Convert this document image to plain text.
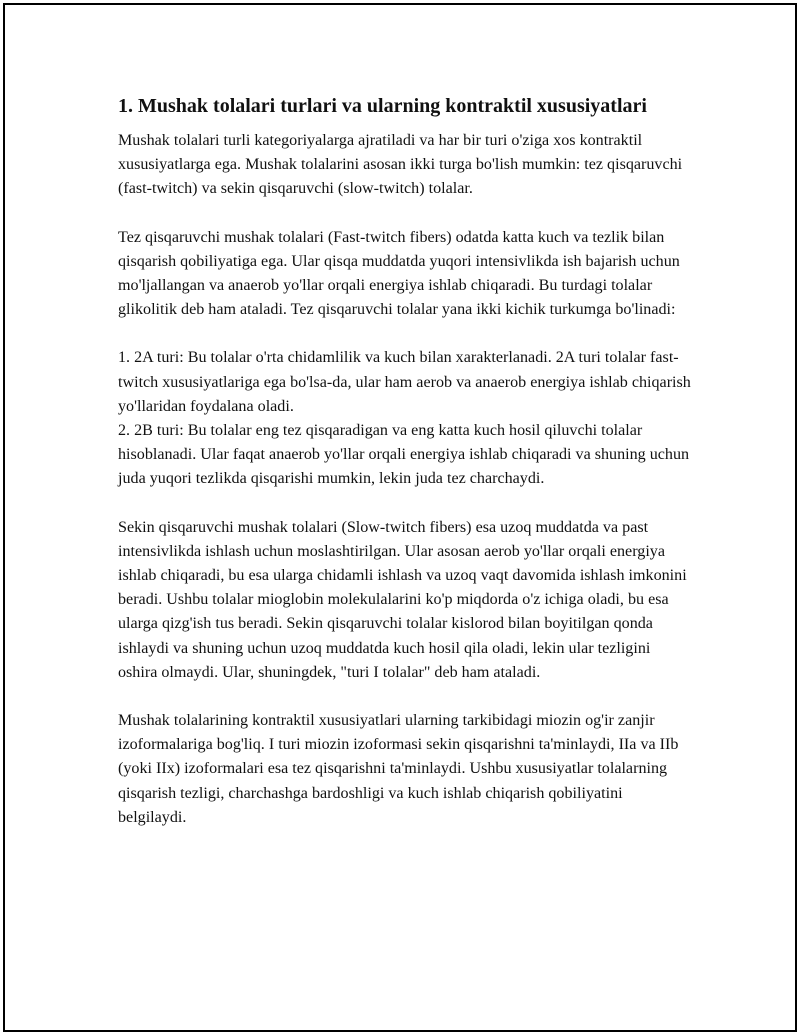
1. Mushak tolalari turlari va ularning kontraktil xususiyatlari

Mushak tolalari turli kategoriyalarga ajratiladi va har bir turi o'ziga xos kontraktil xususiyatlarga ega. Mushak tolalarini asosan ikki turga bo'lish mumkin: tez qisqaruvchi (fast-twitch) va sekin qisqaruvchi (slow-twitch) tolalar.

Tez qisqaruvchi mushak tolalari (Fast-twitch fibers) odatda katta kuch va tezlik bilan qisqarish qobiliyatiga ega. Ular qisqa muddatda yuqori intensivlikda ish bajarish uchun mo'ljallangan va anaerob yo'llar orqali energiya ishlab chiqaradi. Bu turdagi tolalar glikolitik deb ham ataladi. Tez qisqaruvchi tolalar yana ikki kichik turkumga bo'linadi:

1. 2A turi: Bu tolalar o'rta chidamlilik va kuch bilan xarakterlanadi. 2A turi tolalar fast-twitch xususiyatlariga ega bo'lsa-da, ular ham aerob va anaerob energiya ishlab chiqarish yo'llaridan foydalana oladi.
2. 2B turi: Bu tolalar eng tez qisqaradigan va eng katta kuch hosil qiluvchi tolalar hisoblanadi. Ular faqat anaerob yo'llar orqali energiya ishlab chiqaradi va shuning uchun juda yuqori tezlikda qisqarishi mumkin, lekin juda tez charchaydi.

Sekin qisqaruvchi mushak tolalari (Slow-twitch fibers) esa uzoq muddatda va past intensivlikda ishlash uchun moslashtirilgan. Ular asosan aerob yo'llar orqali energiya ishlab chiqaradi, bu esa ularga chidamli ishlash va uzoq vaqt davomida ishlash imkonini beradi. Ushbu tolalar mioglobin molekulalarini ko'p miqdorda o'z ichiga oladi, bu esa ularga qizg'ish tus beradi. Sekin qisqaruvchi tolalar kislorod bilan boyitilgan qonda ishlaydi va shuning uchun uzoq muddatda kuch hosil qila oladi, lekin ular tezligini oshira olmaydi. Ular, shuningdek, "turi I tolalar" deb ham ataladi.

Mushak tolalarining kontraktil xususiyatlari ularning tarkibidagi miozin og'ir zanjir izoformalariga bog'liq. I turi miozin izoformasi sekin qisqarishni ta'minlaydi, IIa va IIb (yoki IIx) izoformalari esa tez qisqarishni ta'minlaydi. Ushbu xususiyatlar tolalarning qisqarish tezligi, charchashga bardoshligi va kuch ishlab chiqarish qobiliyatini belgilaydi.
